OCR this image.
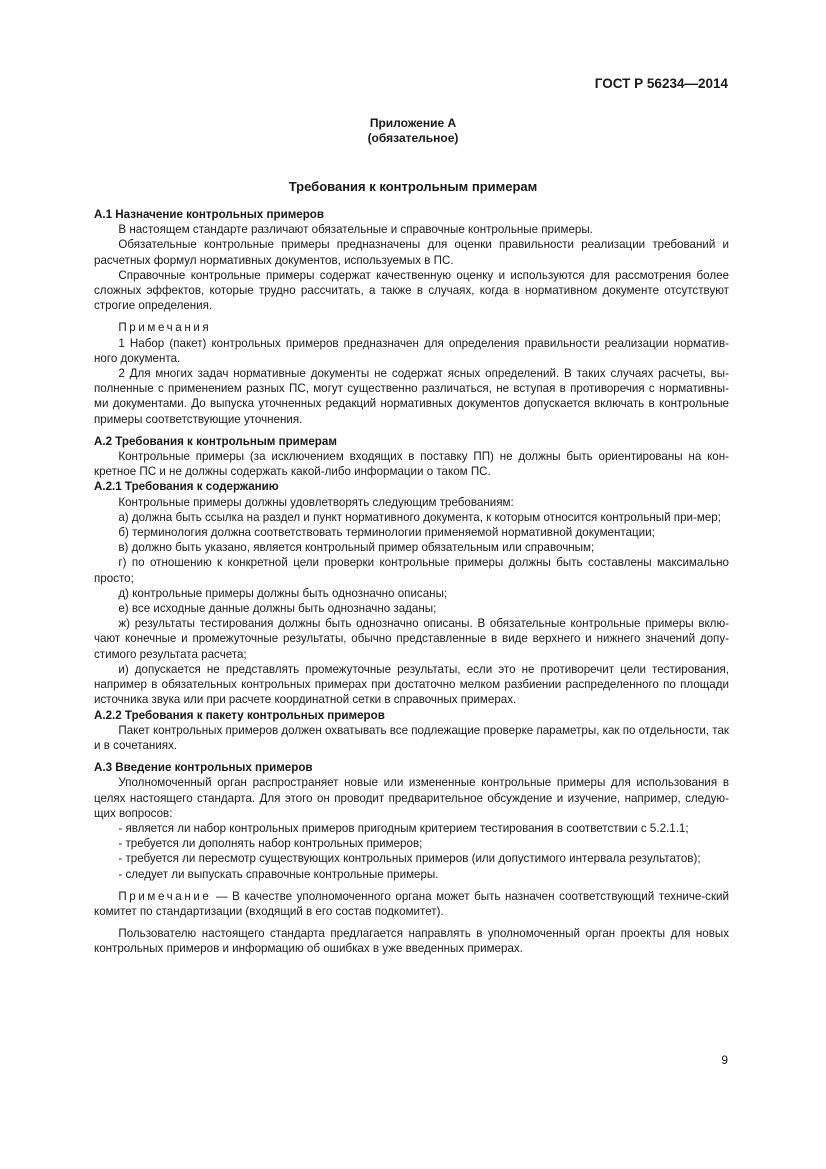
ГОСТ Р 56234—2014
Приложение А
(обязательное)
Требования к контрольным примерам

А.1 Назначение контрольных примеров

В настоящем стандарте различают обязательные и справочные контрольные примеры.

Обязательные контрольные примеры предназначены для оценки правильности реализации требований и расчетных формул нормативных документов, используемых в ПС.

Справочные контрольные примеры содержат качественную оценку и используются для рассмотрения более сложных эффектов, которые трудно рассчитать, а также в случаях, когда в нормативном документе отсутствуют строгие определения.

Примечания

1 Набор (пакет) контрольных примеров предназначен для определения правильности реализации норматив-ного документа.

2 Для многих задач нормативные документы не содержат ясных определений. В таких случаях расчеты, вы-полненные с применением разных ПС, могут существенно различаться, не вступая в противоречия с нормативны-ми документами. До выпуска уточненных редакций нормативных документов допускается включать в контрольные примеры соответствующие уточнения.

А.2 Требования к контрольным примерам

Контрольные примеры (за исключением входящих в поставку ПП) не должны быть ориентированы на кон-кретное ПС и не должны содержать какой-либо информации о таком ПС.

А.2.1 Требования к содержанию

Контрольные примеры должны удовлетворять следующим требованиям:

а) должна быть ссылка на раздел и пункт нормативного документа, к которым относится контрольный при-мер;

б) терминология должна соответствовать терминологии применяемой нормативной документации;

в) должно быть указано, является контрольный пример обязательным или справочным;

г) по отношению к конкретной цели проверки контрольные примеры должны быть составлены максимально просто;

д) контрольные примеры должны быть однозначно описаны;

е) все исходные данные должны быть однозначно заданы;

ж) результаты тестирования должны быть однозначно описаны. В обязательные контрольные примеры вклю-чают конечные и промежуточные результаты, обычно представленные в виде верхнего и нижнего значений допу-стимого результата расчета;

и) допускается не представлять промежуточные результаты, если это не противоречит цели тестирования, например в обязательных контрольных примерах при достаточно мелком разбиении распределенного по площади источника звука или при расчете координатной сетки в справочных примерах.

А.2.2 Требования к пакету контрольных примеров

Пакет контрольных примеров должен охватывать все подлежащие проверке параметры, как по отдельности, так и в сочетаниях.

А.3 Введение контрольных примеров

Уполномоченный орган распространяет новые или измененные контрольные примеры для использования в целях настоящего стандарта. Для этого он проводит предварительное обсуждение и изучение, например, следую-щих вопросов:

- является ли набор контрольных примеров пригодным критерием тестирования в соответствии с 5.2.1.1;

- требуется ли дополнять набор контрольных примеров;

- требуется ли пересмотр существующих контрольных примеров (или допустимого интервала результатов);

- следует ли выпускать справочные контрольные примеры.

Примечание — В качестве уполномоченного органа может быть назначен соответствующий техниче-ский комитет по стандартизации (входящий в его состав подкомитет).

Пользователю настоящего стандарта предлагается направлять в уполномоченный орган проекты для новых контрольных примеров и информацию об ошибках в уже введенных примерах.

9
